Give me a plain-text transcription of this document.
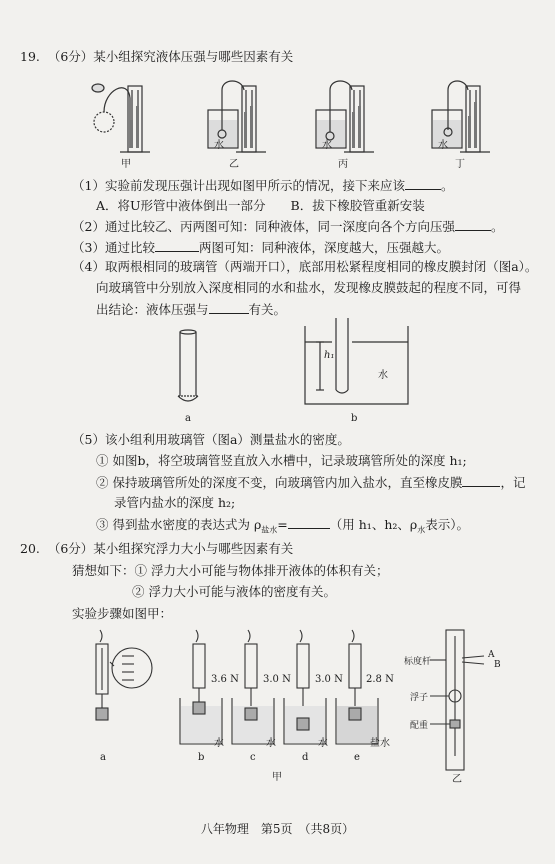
19. （6分）某小组探究液体压强与哪些因素有关
甲	乙	丙	丁
水	水	水
（1）实验前发现压强计出现如图甲所示的情况，接下来应该	。
A．将U形管中液体倒出一部分　　B．拔下橡胶管重新安装
（2）通过比较乙、丙两图可知：同种液体，同一深度向各个方向压强	。
（3）通过比较	两图可知：同种液体，深度越大，压强越大。
（4）取两根相同的玻璃管（两端开口），底部用松紧程度相同的橡皮膜封闭（图a）。
向玻璃管中分别放入深度相同的水和盐水，发现橡皮膜鼓起的程度不同，可得
出结论：液体压强与	有关。
a	b
h₁
水
（5）该小组利用玻璃管（图a）测量盐水的密度。
① 如图b，将空玻璃管竖直放入水槽中，记录玻璃管所处的深度 h₁;
② 保持玻璃管所处的深度不变，向玻璃管内加入盐水，直至橡皮膜	，记
录管内盐水的深度 h₂;
③ 得到盐水密度的表达式为 $\rho_{盐水}=$	（用 h₁、h₂、$\rho_水$表示）。
20. （6分）某小组探究浮力大小与哪些因素有关
猜想如下：① 浮力大小可能与物体排开液体的体积有关；
② 浮力大小可能与液体的密度有关。
实验步骤如图甲：
3.6 N 3.0 N 3.0 N 2.8 N
水	水	水	盐水
a	b	c	d	e
甲	乙
标度杆
浮子
配重
A
B
八年物理　第5页　（共8页）
